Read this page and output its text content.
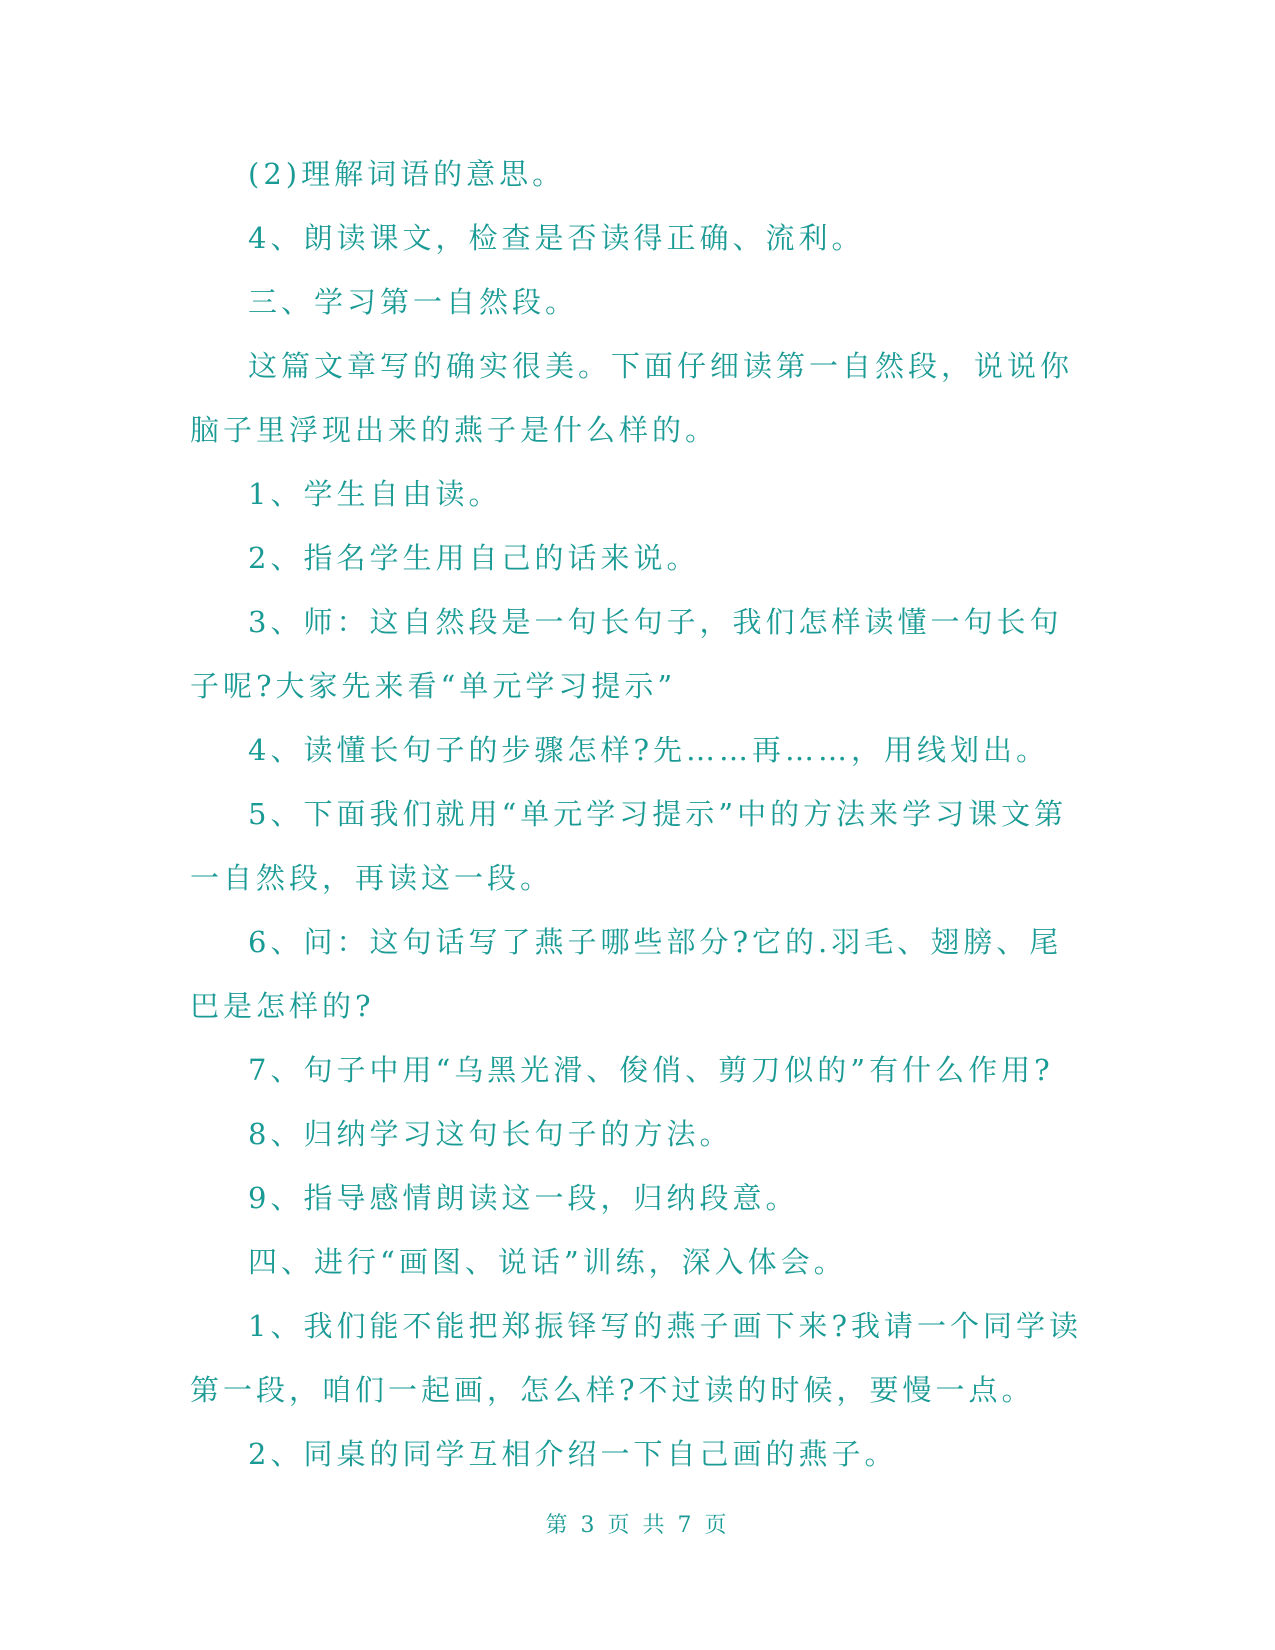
(2)理解词语的意思。

4、朗读课文，检查是否读得正确、流利。

三、学习第一自然段。

这篇文章写的确实很美。下面仔细读第一自然段，说说你脑子里浮现出来的燕子是什么样的。

1、学生自由读。

2、指名学生用自己的话来说。

3、师：这自然段是一句长句子，我们怎样读懂一句长句子呢?大家先来看“单元学习提示”

4、读懂长句子的步骤怎样?先……再……，用线划出。

5、下面我们就用“单元学习提示”中的方法来学习课文第一自然段，再读这一段。

6、问：这句话写了燕子哪些部分?它的.羽毛、翅膀、尾巴是怎样的?

7、句子中用“乌黑光滑、俊俏、剪刀似的”有什么作用?

8、归纳学习这句长句子的方法。

9、指导感情朗读这一段，归纳段意。

四、进行“画图、说话”训练，深入体会。

1、我们能不能把郑振铎写的燕子画下来?我请一个同学读第一段，咱们一起画，怎么样?不过读的时候，要慢一点。

2、同桌的同学互相介绍一下自己画的燕子。

第 3 页 共 7 页
